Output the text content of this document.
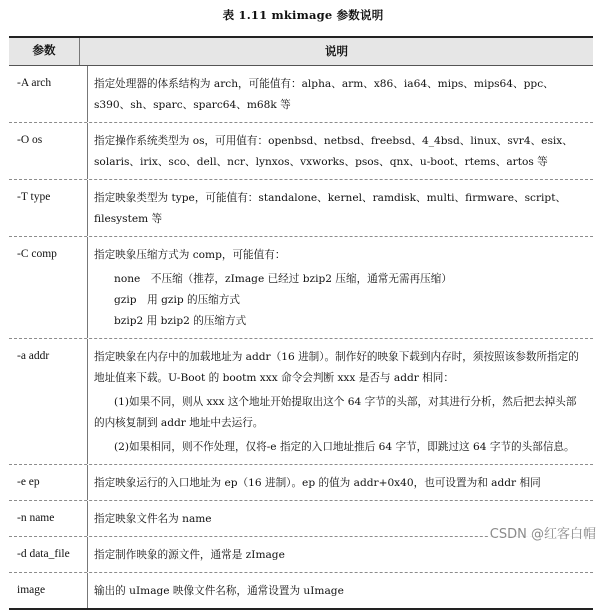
表 1.11 mkimage 参数说明
参数	说明
-A arch	指定处理器的体系结构为 arch，可能值有：alpha、arm、x86、ia64、mips、mips64、ppc、s390、sh、sparc、sparc64、m68k 等

-O os	指定操作系统类型为 os，可用值有：openbsd、netbsd、freebsd、4_4bsd、linux、svr4、esix、solaris、irix、sco、dell、ncr、lynxos、vxworks、psos、qnx、u-boot、rtems、artos 等

-T type	指定映象类型为 type，可能值有：standalone、kernel、ramdisk、multi、firmware、script、filesystem 等

-C comp	指定映象压缩方式为 comp，可能值有：

none　不压缩（推荐，zImage 已经过 bzip2 压缩，通常无需再压缩）

gzip　用 gzip 的压缩方式

bzip2 用 bzip2 的压缩方式

-a addr	指定映象在内存中的加载地址为 addr（16 进制）。制作好的映象下载到内存时，须按照该参数所指定的地址值来下载。U-Boot 的 bootm xxx 命令会判断 xxx 是否与 addr 相同：

(1)如果不同，则从 xxx 这个地址开始提取出这个 64 字节的头部，对其进行分析，然后把去掉头部的内核复制到 addr 地址中去运行。

(2)如果相同，则不作处理，仅将-e 指定的入口地址推后 64 字节，即跳过这 64 字节的头部信息。

-e ep	指定映象运行的入口地址为 ep（16 进制）。ep 的值为 addr+0x40，也可设置为和 addr 相同

-n name	指定映象文件名为 name

-d data_file	指定制作映象的源文件，通常是 zImage

image	输出的 uImage 映像文件名称，通常设置为 uImage

CSDN @红客白帽
